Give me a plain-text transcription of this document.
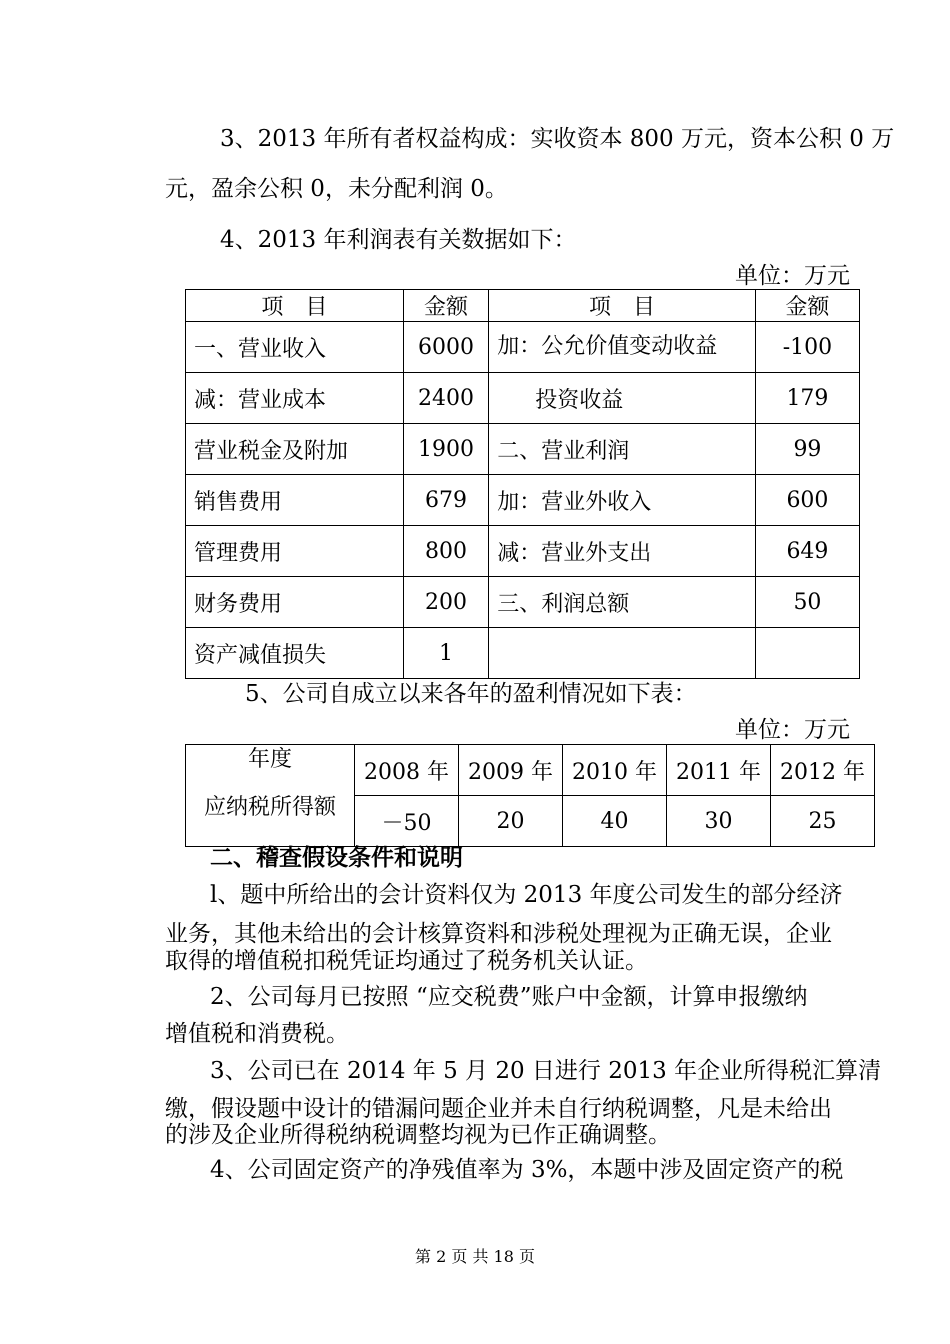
3、2013 年所有者权益构成：实收资本 800 万元，资本公积 0 万
元，盈余公积 0，未分配利润 0。
4、2013 年利润表有关数据如下：
单位：万元
项　目	金额	项　目	金额
一、营业收入	6000	加：公允价值变动收益	-100
减：营业成本	2400	投资收益	179
营业税金及附加	1900	二、营业利润	99
销售费用	679	加：营业外收入	600
管理费用	800	减：营业外支出	649
财务费用	200	三、利润总额	50
资产减值损失	1		
5、公司自成立以来各年的盈利情况如下表：
单位：万元
年度
应纳税所得额	2008 年	2009 年	2010 年	2011 年	2012 年
	－50	20	40	30	25
二、稽查假设条件和说明
l、题中所给出的会计资料仅为 2013 年度公司发生的部分经济
业务，其他未给出的会计核算资料和涉税处理视为正确无误，企业
取得的增值税扣税凭证均通过了税务机关认证。
2、公司每月已按照 “应交税费”账户中金额，计算申报缴纳
增值税和消费税。
3、公司已在 2014 年 5 月 20 日进行 2013 年企业所得税汇算清
缴，假设题中设计的错漏问题企业并未自行纳税调整，凡是未给出
的涉及企业所得税纳税调整均视为已作正确调整。
4、公司固定资产的净残值率为 3%，本题中涉及固定资产的税
第 2 页 共 18 页
